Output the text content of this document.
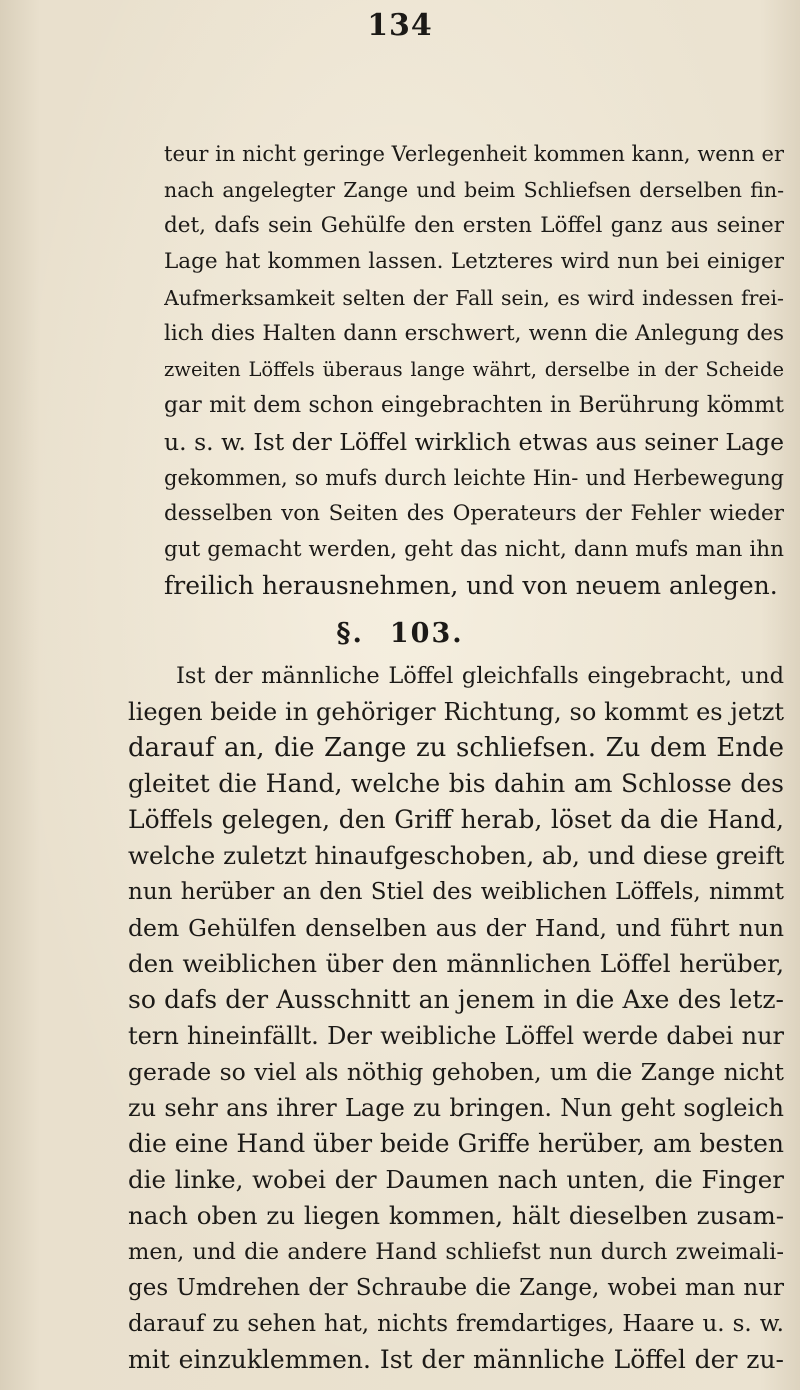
134
teur in nicht geringe Verlegenheit kommen kann, wenn er
nach angelegter Zange und beim Schliefsen derselben fin-
det, dafs sein Gehülfe den ersten Löffel ganz aus seiner
Lage hat kommen lassen. Letzteres wird nun bei einiger
Aufmerksamkeit selten der Fall sein, es wird indessen frei-
lich dies Halten dann erschwert, wenn die Anlegung des
zweiten Löffels überaus lange währt, derselbe in der Scheide
gar mit dem schon eingebrachten in Berührung kömmt
u. s. w. Ist der Löffel wirklich etwas aus seiner Lage
gekommen, so mufs durch leichte Hin- und Herbewegung
desselben von Seiten des Operateurs der Fehler wieder
gut gemacht werden, geht das nicht, dann mufs man ihn
freilich herausnehmen, und von neuem anlegen.
§. 103.
Ist der männliche Löffel gleichfalls eingebracht, und
liegen beide in gehöriger Richtung, so kommt es jetzt
darauf an, die Zange zu schliefsen. Zu dem Ende
gleitet die Hand, welche bis dahin am Schlosse des
Löffels gelegen, den Griff herab, löset da die Hand,
welche zuletzt hinaufgeschoben, ab, und diese greift
nun herüber an den Stiel des weiblichen Löffels, nimmt
dem Gehülfen denselben aus der Hand, und führt nun
den weiblichen über den männlichen Löffel herüber,
so dafs der Ausschnitt an jenem in die Axe des letz-
tern hineinfällt. Der weibliche Löffel werde dabei nur
gerade so viel als nöthig gehoben, um die Zange nicht
zu sehr ans ihrer Lage zu bringen. Nun geht sogleich
die eine Hand über beide Griffe herüber, am besten
die linke, wobei der Daumen nach unten, die Finger
nach oben zu liegen kommen, hält dieselben zusam-
men, und die andere Hand schliefst nun durch zweimali-
ges Umdrehen der Schraube die Zange, wobei man nur
darauf zu sehen hat, nichts fremdartiges, Haare u. s. w.
mit einzuklemmen. Ist der männliche Löffel der zu-
